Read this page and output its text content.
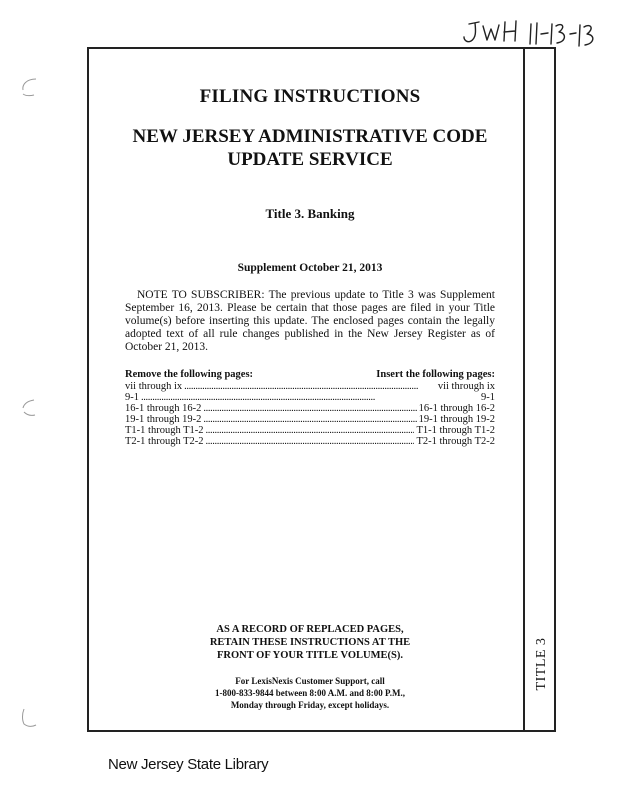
TITLE 3
FILING INSTRUCTIONS
NEW JERSEY ADMINISTRATIVE CODE
UPDATE SERVICE
Title 3. Banking
Supplement October 21, 2013
NOTE TO SUBSCRIBER: The previous update to Title 3 was Supplement September 16, 2013. Please be certain that those pages are filed in your Title volume(s) before inserting this update. The enclosed pages contain the legally adopted text of all rule changes published in the New Jersey Register as of October 21, 2013.
Remove the following pages:	Insert the following pages:
vii through ix . . .	vii through ix
9-1 . . .	9-1
16-1 through 16-2 . . .	16-1 through 16-2
19-1 through 19-2 . . .	19-1 through 19-2
T1-1 through T1-2 . . .	T1-1 through T1-2
T2-1 through T2-2 . . .	T2-1 through T2-2
AS A RECORD OF REPLACED PAGES,
RETAIN THESE INSTRUCTIONS AT THE
FRONT OF YOUR TITLE VOLUME(S).
For LexisNexis Customer Support, call
1-800-833-9844 between 8:00 A.M. and 8:00 P.M.,
Monday through Friday, except holidays.
New Jersey State Library
